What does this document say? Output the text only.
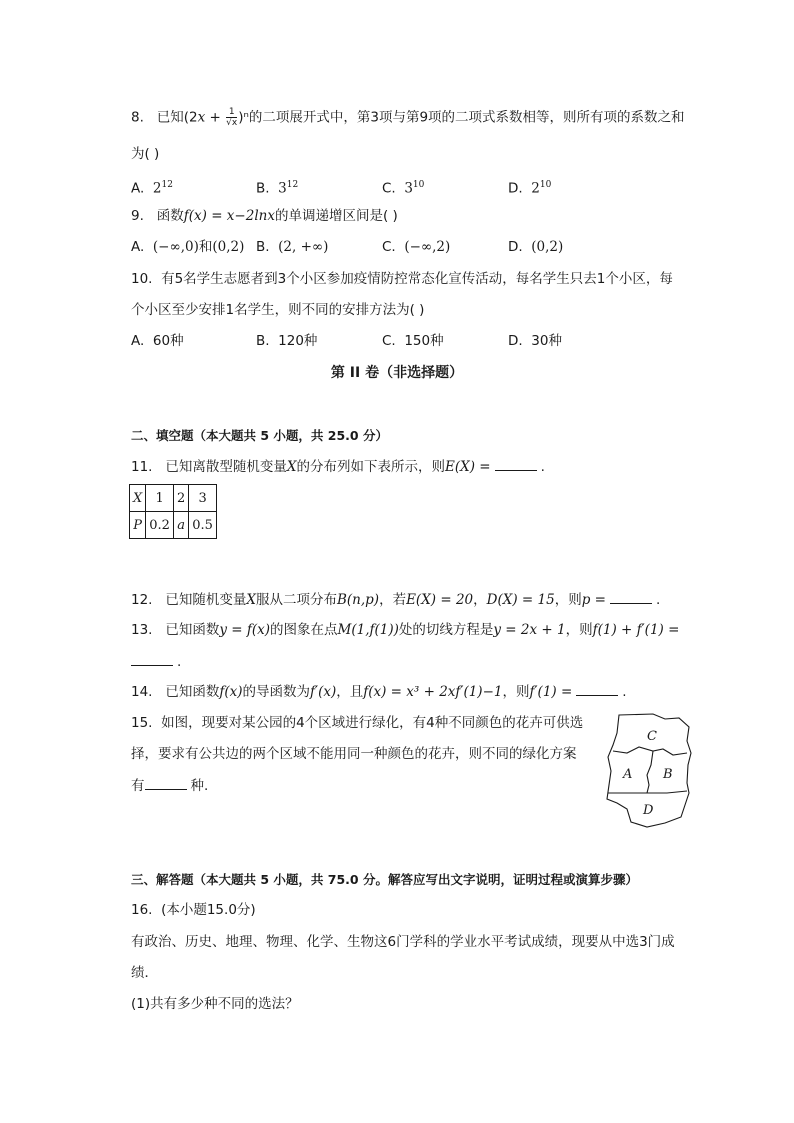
8. 已知$(2x + \frac{1}{√x} )^n$的二项展开式中，第3项与第9项的二项式系数相等，则所有项的系数之和
为( )
A. $2^{12}$	B. $3^{12}$	C. $3^{10}$	D. $2^{10}$
9. 函数f(x) = x−2lnx的单调递增区间是( )
A. (−∞,0)和(0,2) B. (2, +∞)	C. (−∞,2)	D. (0,2)
10. 有5名学生志愿者到3个小区参加疫情防控常态化宣传活动，每名学生只去1个小区，每
个小区至少安排1名学生，则不同的安排方法为( )
A. 60种	B. 120种	C. 150种	D. 30种
第 II 卷（非选择题）
二、填空题（本大题共 5 小题，共 25.0 分）
11. 已知离散型随机变量X的分布列如下表所示，则E(X) =	.
X	1	2	3
P	0.2	a	0.5
12. 已知随机变量X服从二项分布B(n,p)，若E(X) = 20，D(X) = 15，则p =	.
13. 已知函数y = f(x)的图象在点M(1,f(1))处的切线方程是y = 2x + 1，则f(1) + f′(1) =
.
14. 已知函数f(x)的导函数为f′(x)，且f(x) = x³ + 2xf′(1)−1，则f′(1) =	.
15. 如图，现要对某公园的4个区域进行绿化，有4种不同颜色的花卉可供选
择，要求有公共边的两个区域不能用同一种颜色的花卉，则不同的绿化方案
有	种.
C
A B
D
三、解答题（本大题共 5 小题，共 75.0 分。解答应写出文字说明，证明过程或演算步骤）
16. (本小题15.0分)
有政治、历史、地理、物理、化学、生物这6门学科的学业水平考试成绩，现要从中选3门成
绩．
(1)共有多少种不同的选法？
